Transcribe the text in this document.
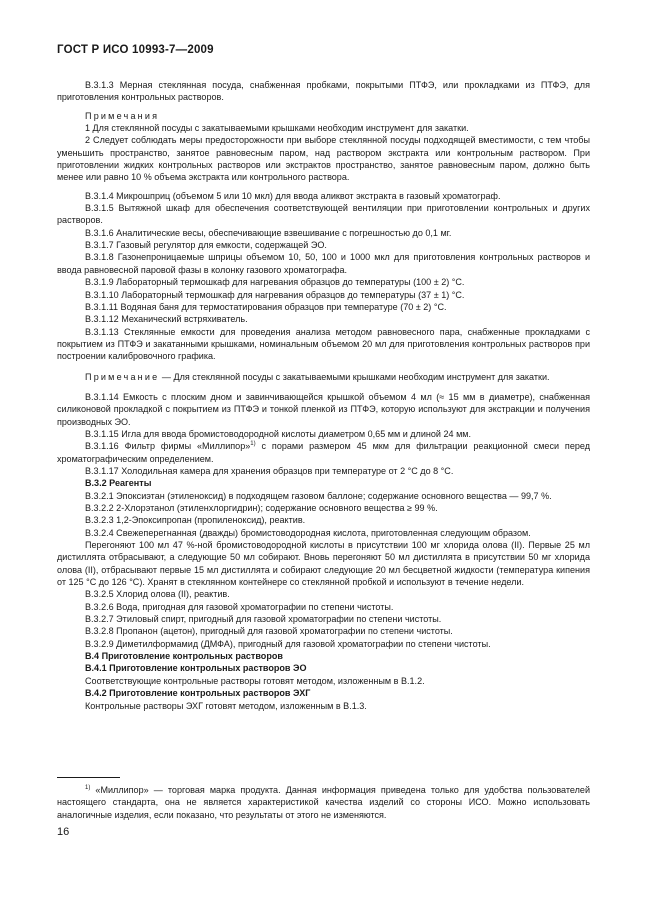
ГОСТ Р ИСО 10993-7—2009

В.3.1.3 Мерная стеклянная посуда, снабженная пробками, покрытыми ПТФЭ, или прокладками из ПТФЭ, для приготовления контрольных растворов.

Примечания

1 Для стеклянной посуды с закатываемыми крышками необходим инструмент для закатки.

2 Следует соблюдать меры предосторожности при выборе стеклянной посуды подходящей вместимости, с тем чтобы уменьшить пространство, занятое равновесным паром, над раствором экстракта или контрольным раствором. При приготовлении жидких контрольных растворов или экстрактов пространство, занятое равновесным паром, должно быть менее или равно 10 % объема экстракта или контрольного раствора.

В.3.1.4 Микрошприц (объемом 5 или 10 мкл) для ввода аликвот экстракта в газовый хроматограф.

В.3.1.5 Вытяжной шкаф для обеспечения соответствующей вентиляции при приготовлении контрольных и других растворов.

В.3.1.6 Аналитические весы, обеспечивающие взвешивание с погрешностью до 0,1 мг.

В.3.1.7 Газовый регулятор для емкости, содержащей ЭО.

В.3.1.8 Газонепроницаемые шприцы объемом 10, 50, 100 и 1000 мкл для приготовления контрольных растворов и ввода равновесной паровой фазы в колонку газового хроматографа.

В.3.1.9 Лабораторный термошкаф для нагревания образцов до температуры (100 ± 2) °С.

В.3.1.10 Лабораторный термошкаф для нагревания образцов до температуры (37 ± 1) °С.

В.3.1.11 Водяная баня для термостатирования образцов при температуре (70 ± 2) °С.

В.3.1.12 Механический встряхиватель.

В.3.1.13 Стеклянные емкости для проведения анализа методом равновесного пара, снабженные прокладками с покрытием из ПТФЭ и закатанными крышками, номинальным объемом 20 мл для приготовления контрольных растворов при построении калибровочного графика.

Примечание — Для стеклянной посуды с закатываемыми крышками необходим инструмент для закатки.

В.3.1.14 Емкость с плоским дном и завинчивающейся крышкой объемом 4 мл (≈ 15 мм в диаметре), снабженная силиконовой прокладкой с покрытием из ПТФЭ и тонкой пленкой из ПТФЭ, которую используют для экстракции и получения производных ЭО.

В.3.1.15 Игла для ввода бромистоводородной кислоты диаметром 0,65 мм и длиной 24 мм.

В.3.1.16 Фильтр фирмы «Миллипор»$^{1)}$ с порами размером 45 мкм для фильтрации реакционной смеси перед хроматографическим определением.

В.3.1.17 Холодильная камера для хранения образцов при температуре от 2 °С до 8 °С.

В.3.2 Реагенты

В.3.2.1 Эпоксиэтан (этиленоксид) в подходящем газовом баллоне; содержание основного вещества — 99,7 %.

В.3.2.2 2-Хлорэтанол (этиленхлоргидрин); содержание основного вещества ≥ 99 %.

В.3.2.3 1,2-Эпоксипропан (пропиленоксид), реактив.

В.3.2.4 Свежеперегнанная (дважды) бромистоводородная кислота, приготовленная следующим образом.

Перегоняют 100 мл 47 %-ной бромистоводородной кислоты в присутствии 100 мг хлорида олова (II). Первые 25 мл дистиллята отбрасывают, а следующие 50 мл собирают. Вновь перегоняют 50 мл дистиллята в присутствии 50 мг хлорида олова (II), отбрасывают первые 15 мл дистиллята и собирают следующие 20 мл бесцветной жидкости (температура кипения от 125 °С до 126 °С). Хранят в стеклянном контейнере со стеклянной пробкой и используют в течение недели.

В.3.2.5 Хлорид олова (II), реактив.

В.3.2.6 Вода, пригодная для газовой хроматографии по степени чистоты.

В.3.2.7 Этиловый спирт, пригодный для газовой хроматографии по степени чистоты.

В.3.2.8 Пропанон (ацетон), пригодный для газовой хроматографии по степени чистоты.

В.3.2.9 Диметилформамид (ДМФА), пригодный для газовой хроматографии по степени чистоты.

В.4 Приготовление контрольных растворов

В.4.1 Приготовление контрольных растворов ЭО

Соответствующие контрольные растворы готовят методом, изложенным в В.1.2.

В.4.2 Приготовление контрольных растворов ЭХГ

Контрольные растворы ЭХГ готовят методом, изложенным в В.1.3.

$^{1)}$ «Миллипор» — торговая марка продукта. Данная информация приведена только для удобства пользователей настоящего стандарта, она не является характеристикой качества изделий со стороны ИСО. Можно использовать аналогичные изделия, если показано, что результаты от этого не изменяются.

16
